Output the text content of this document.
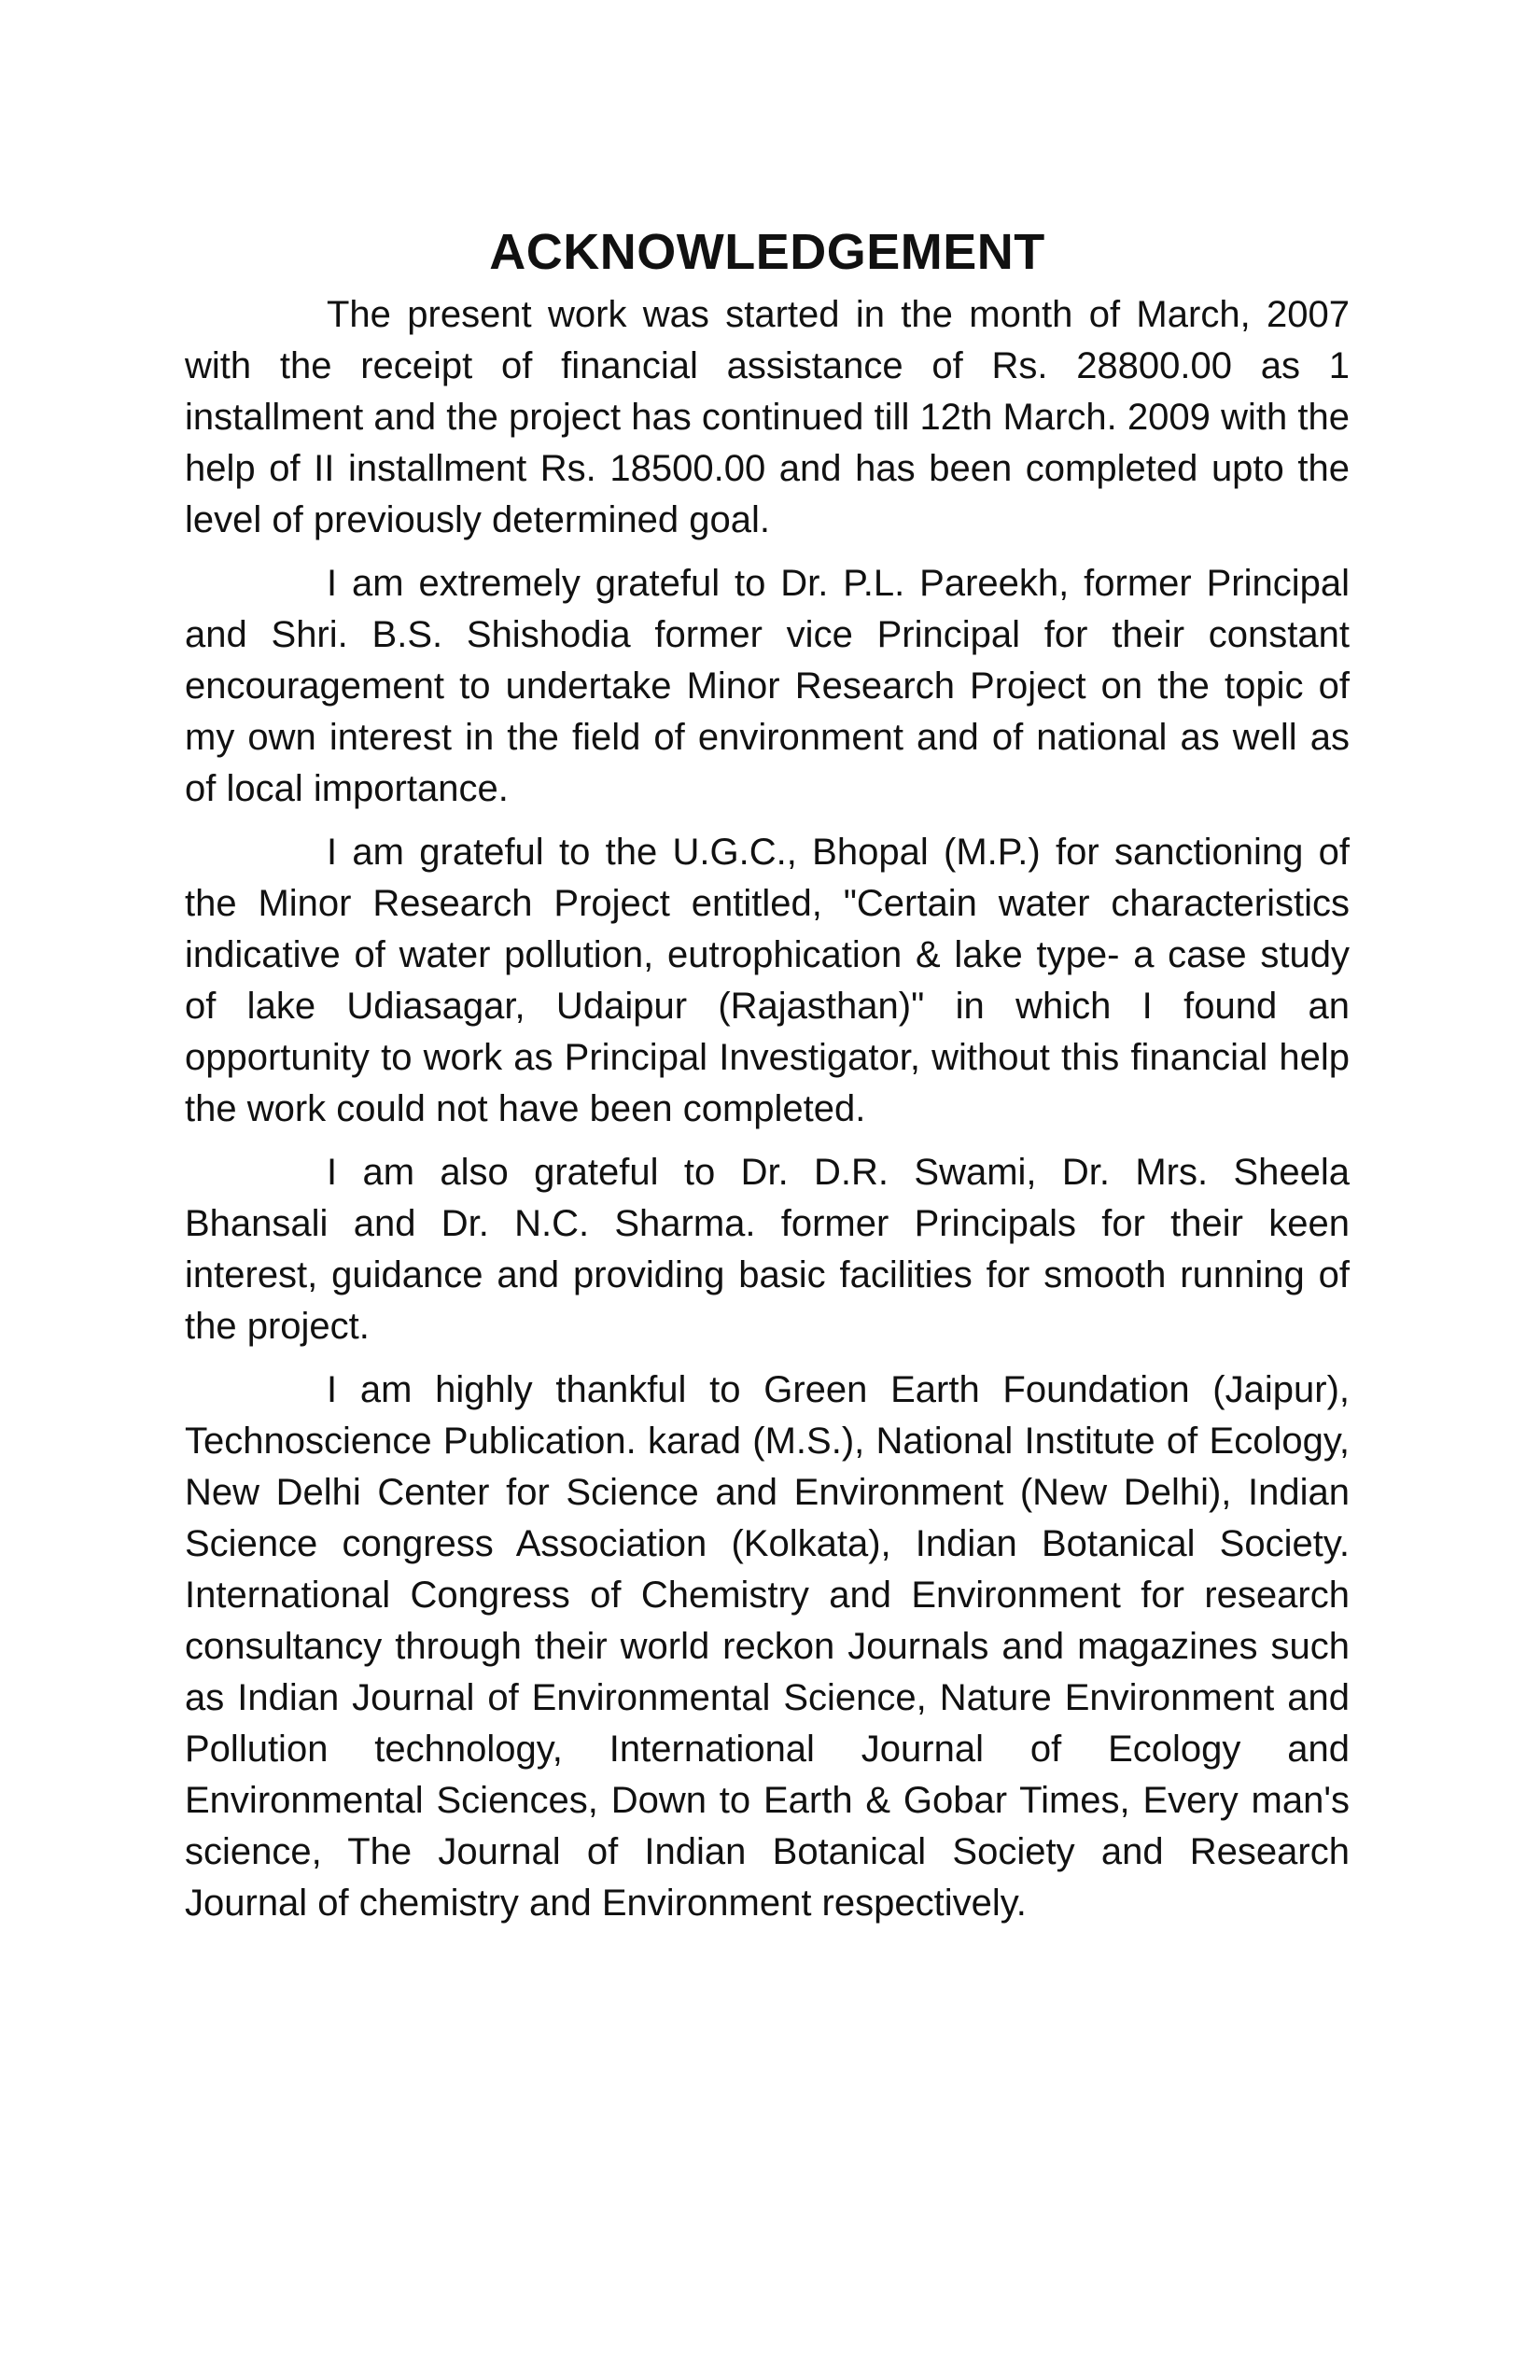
ACKNOWLEDGEMENT

The present work was started in the month of March, 2007 with the receipt of financial assistance of Rs. 28800.00 as 1 installment and the project has continued till 12th March. 2009 with the help of II installment Rs. 18500.00 and has been completed upto the level of previously determined goal.

I am extremely grateful to Dr. P.L. Pareekh, former Principal and Shri. B.S. Shishodia former vice Principal for their constant encouragement to undertake Minor Research Project on the topic of my own interest in the field of environment and of national as well as of local importance.

I am grateful to the U.G.C., Bhopal (M.P.) for sanctioning of the Minor Research Project entitled, "Certain water characteristics indicative of water pollution, eutrophication & lake type- a case study of lake Udiasagar, Udaipur (Rajasthan)" in which I found an opportunity to work as Principal Investigator, without this financial help the work could not have been completed.

I am also grateful to Dr. D.R. Swami, Dr. Mrs. Sheela Bhansali and Dr. N.C. Sharma. former Principals for their keen interest, guidance and providing basic facilities for smooth running of the project.

I am highly thankful to Green Earth Foundation (Jaipur), Technoscience Publication. karad (M.S.), National Institute of Ecology, New Delhi Center for Science and Environment (New Delhi), Indian Science congress Association (Kolkata), Indian Botanical Society. International Congress of Chemistry and Environment for research consultancy through their world reckon Journals and magazines such as Indian Journal of Environmental Science, Nature Environment and Pollution technology, International Journal of Ecology and Environmental Sciences, Down to Earth & Gobar Times, Every man's science, The Journal of Indian Botanical Society and Research Journal of chemistry and Environment respectively.
